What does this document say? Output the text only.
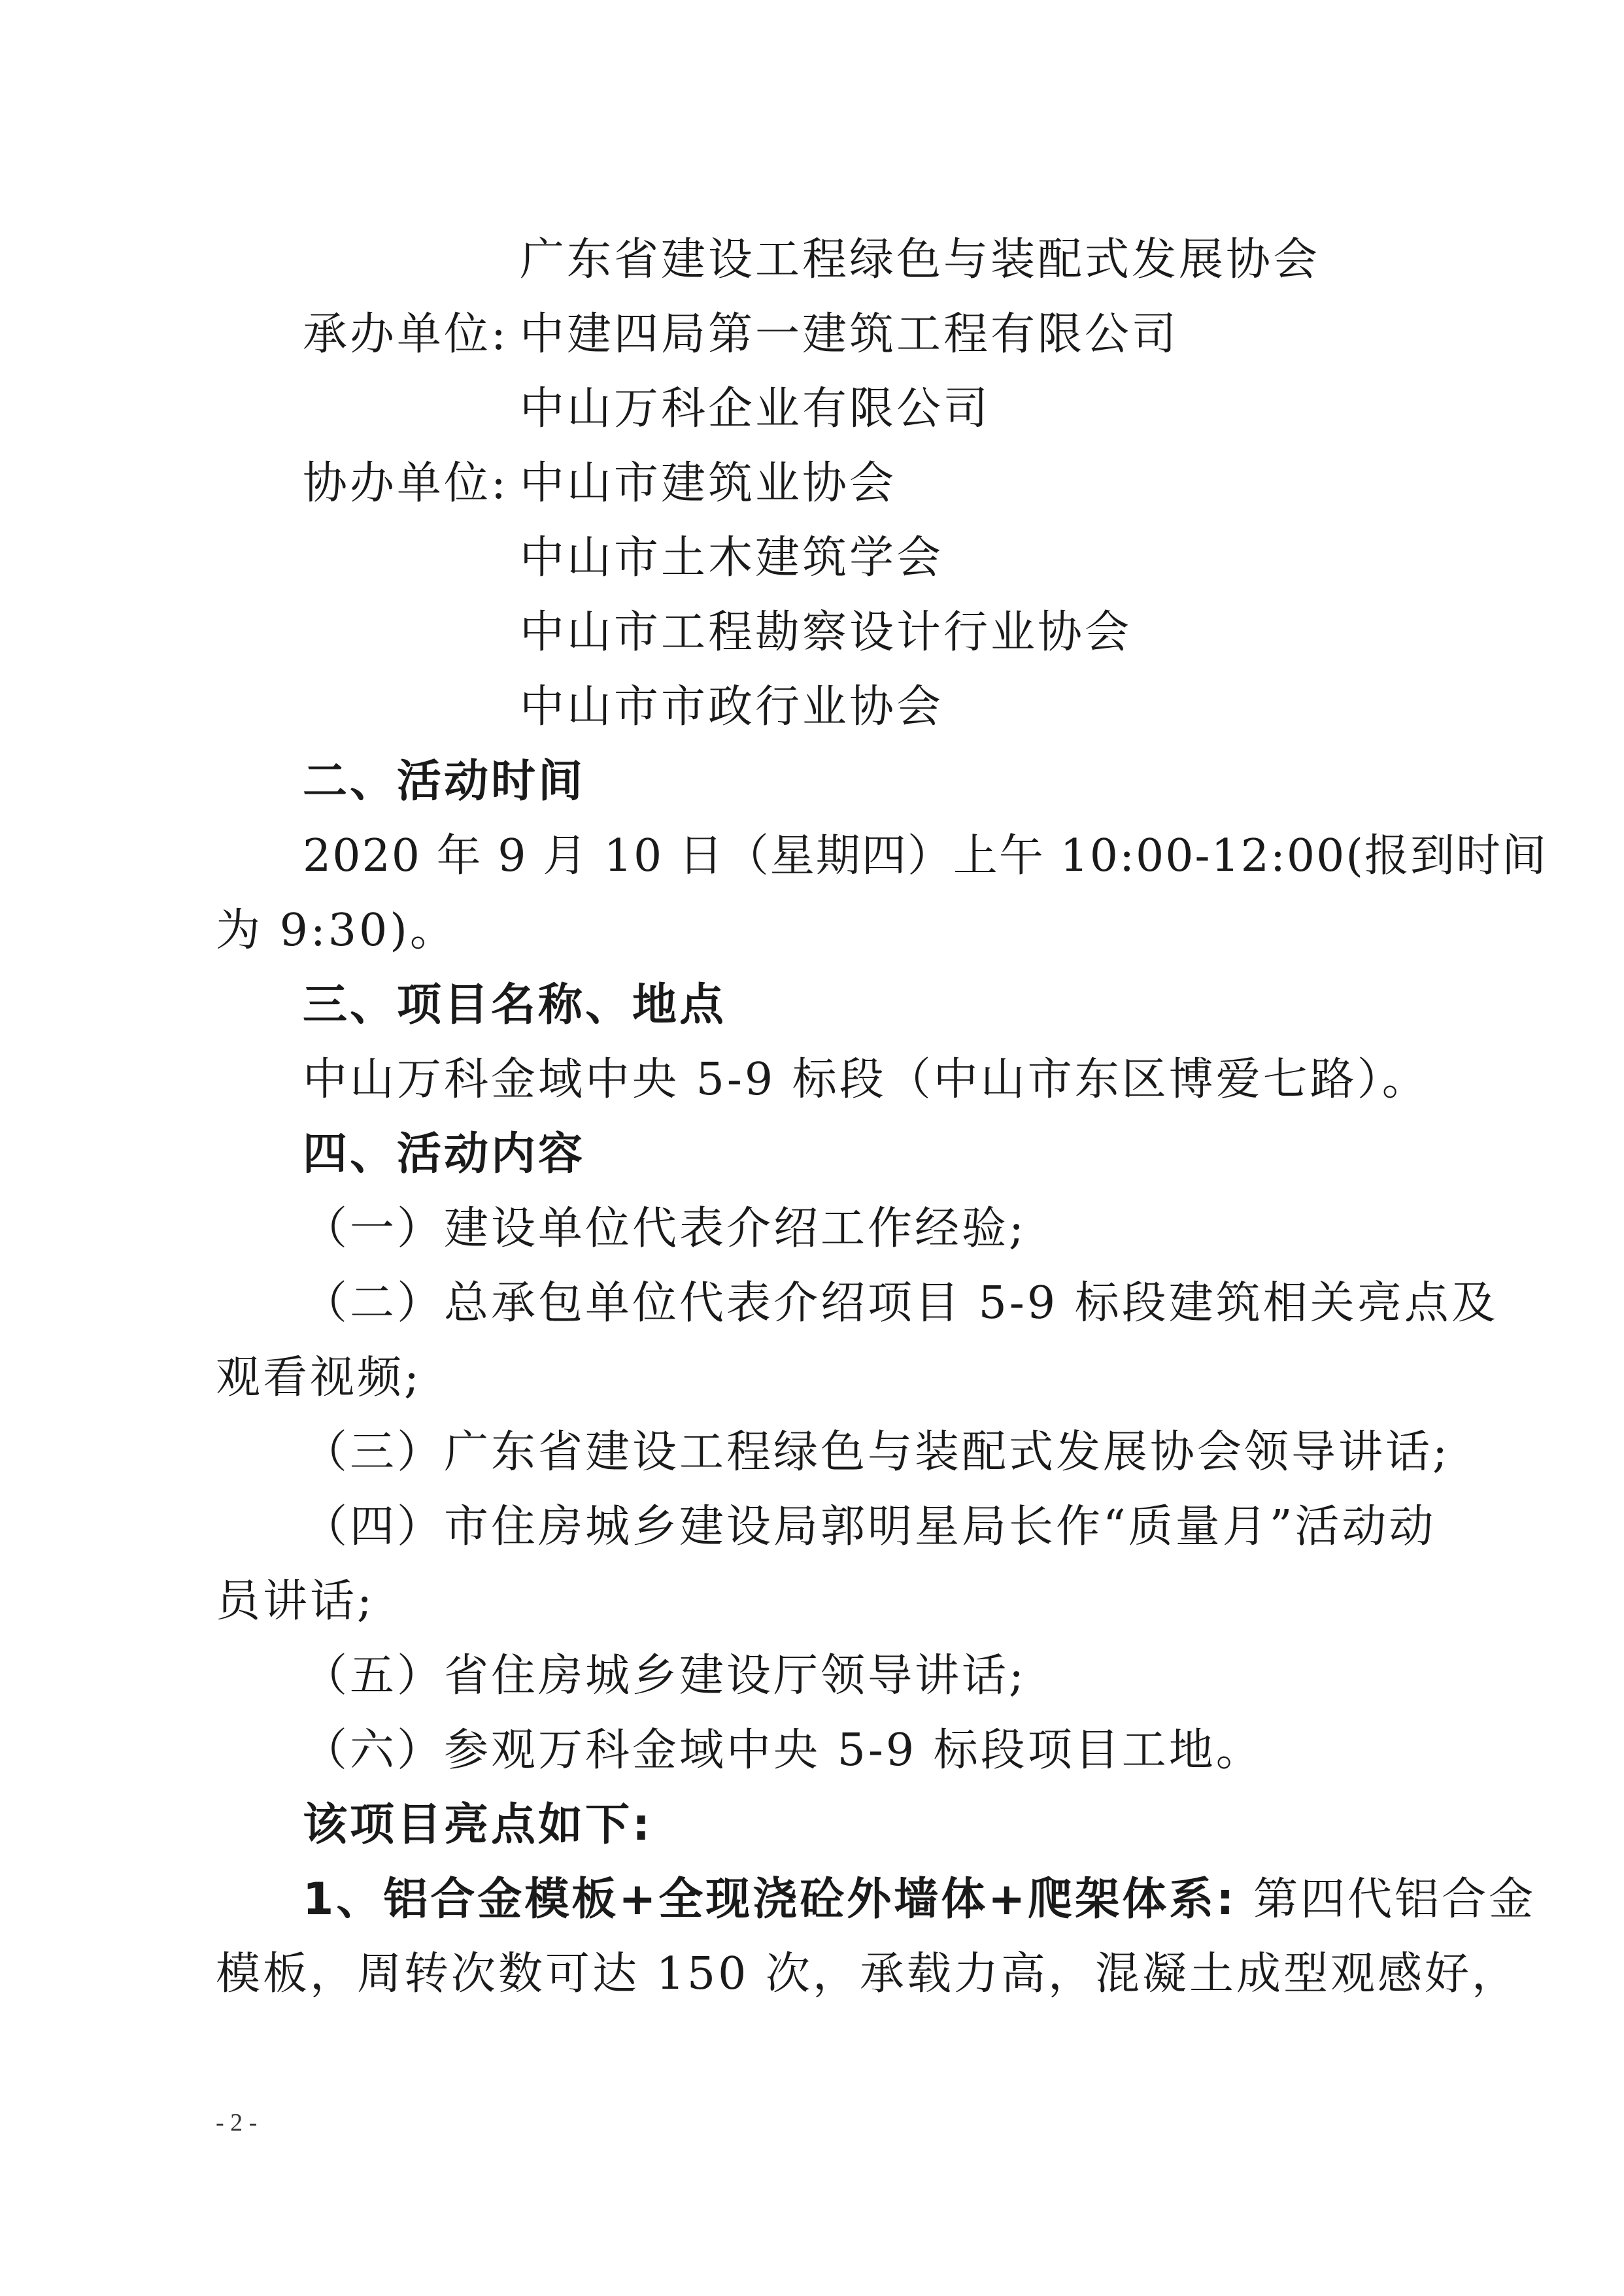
广东省建设工程绿色与装配式发展协会
承办单位: 中建四局第一建筑工程有限公司
中山万科企业有限公司
协办单位: 中山市建筑业协会
中山市土木建筑学会
中山市工程勘察设计行业协会
中山市市政行业协会
二、活动时间
2020 年 9 月 10 日（星期四）上午 10:00-12:00(报到时间
为 9:30)。
三、项目名称、地点
中山万科金域中央 5-9 标段（中山市东区博爱七路）。
四、活动内容
（一）建设单位代表介绍工作经验;
（二）总承包单位代表介绍项目 5-9 标段建筑相关亮点及
观看视频;
（三）广东省建设工程绿色与装配式发展协会领导讲话;
（四）市住房城乡建设局郭明星局长作“质量月”活动动
员讲话;
（五）省住房城乡建设厅领导讲话;
（六）参观万科金域中央 5-9 标段项目工地。
该项目亮点如下:
1、铝合金模板+全现浇砼外墙体+爬架体系: 第四代铝合金
模板，周转次数可达 150 次，承载力高，混凝土成型观感好，
- 2 -
